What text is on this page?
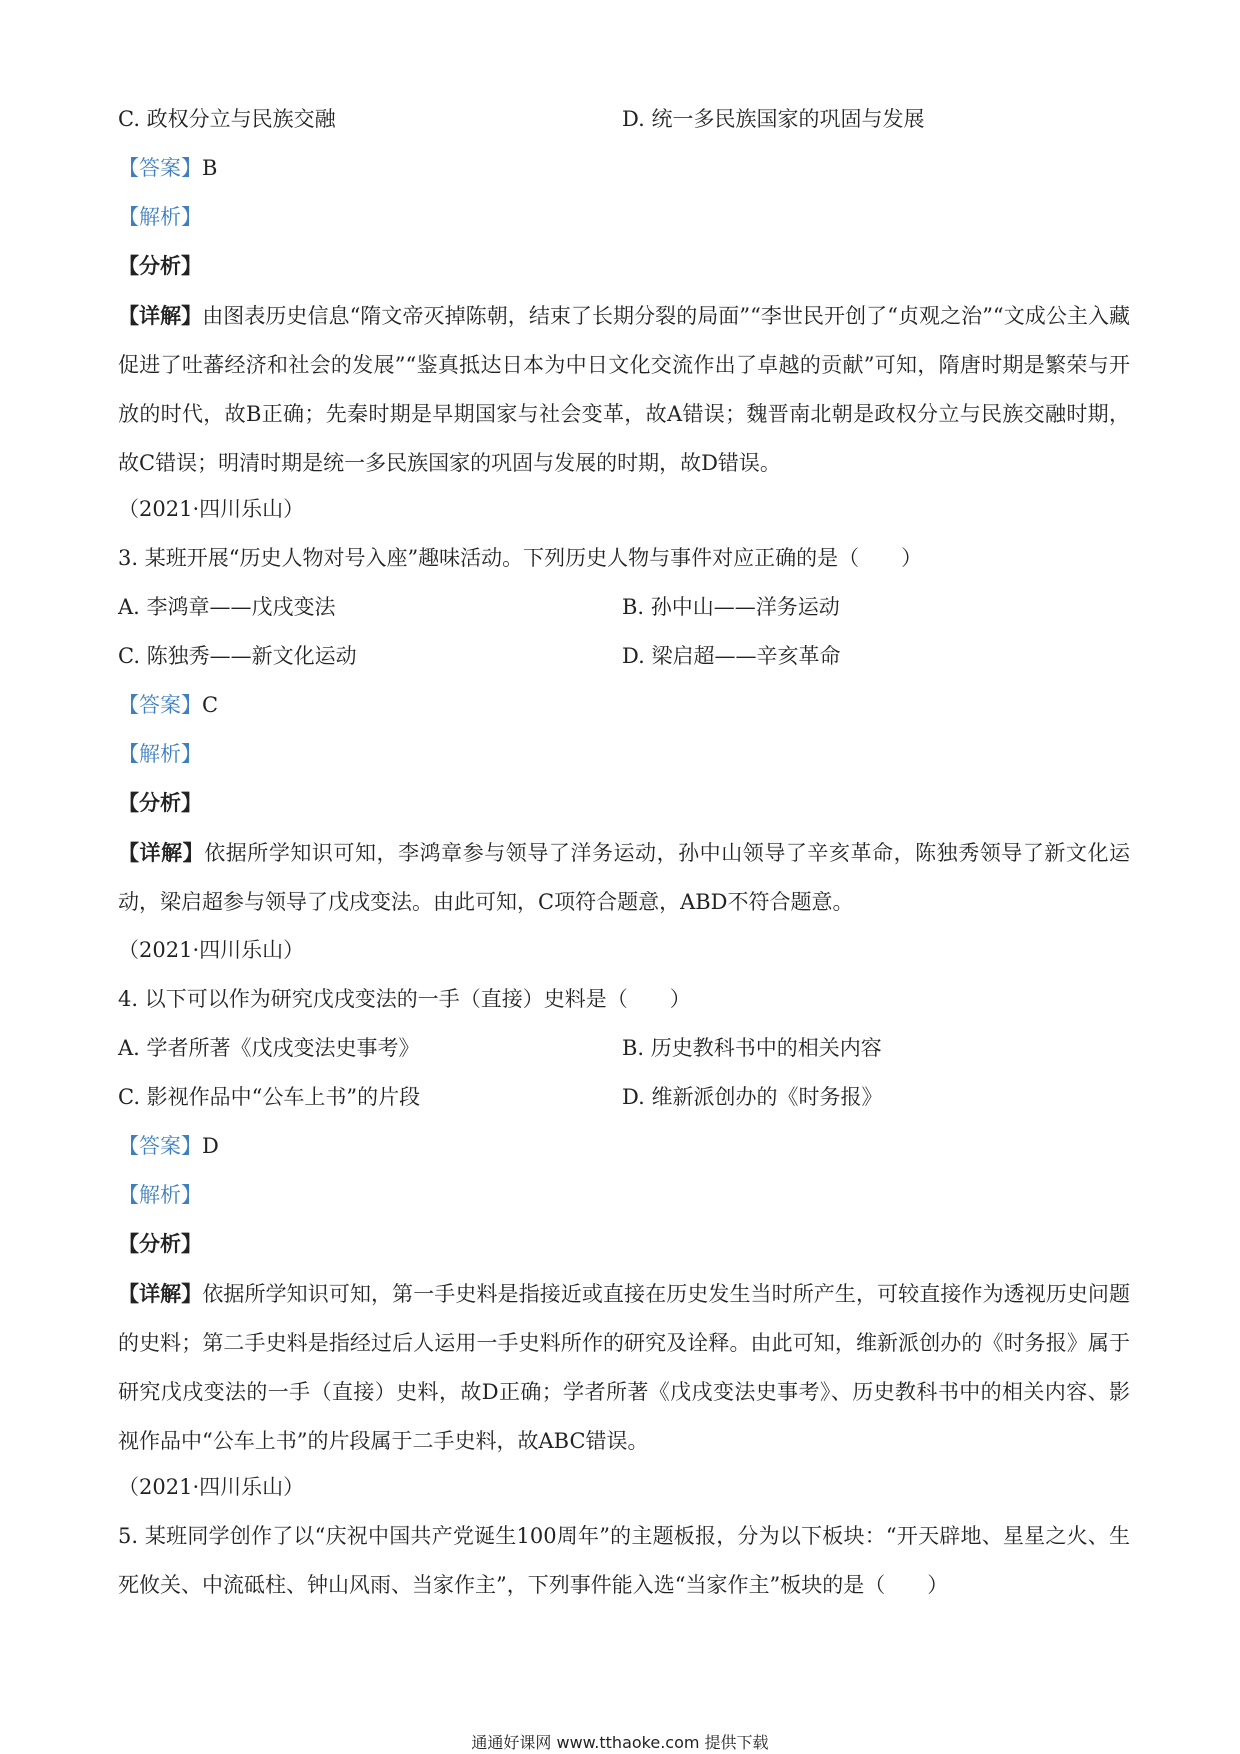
C. 政权分立与民族交融	D. 统一多民族国家的巩固与发展
【答案】B
【解析】
【分析】
【详解】由图表历史信息“隋文帝灭掉陈朝，结束了长期分裂的局面”“李世民开创了“贞观之治”“文成公主入藏促进了吐蕃经济和社会的发展”“鉴真抵达日本为中日文化交流作出了卓越的贡献”可知，隋唐时期是繁荣与开放的时代，故B正确；先秦时期是早期国家与社会变革，故A错误；魏晋南北朝是政权分立与民族交融时期，故C错误；明清时期是统一多民族国家的巩固与发展的时期，故D错误。
（2021·四川乐山）
3. 某班开展“历史人物对号入座”趣味活动。下列历史人物与事件对应正确的是（　　）
A. 李鸿章——戊戌变法	B. 孙中山——洋务运动
C. 陈独秀——新文化运动	D. 梁启超——辛亥革命
【答案】C
【解析】
【分析】
【详解】依据所学知识可知，李鸿章参与领导了洋务运动，孙中山领导了辛亥革命，陈独秀领导了新文化运动，梁启超参与领导了戊戌变法。由此可知，C项符合题意，ABD不符合题意。
（2021·四川乐山）
4. 以下可以作为研究戊戌变法的一手（直接）史料是（　　）
A. 学者所著《戊戌变法史事考》	B. 历史教科书中的相关内容
C. 影视作品中“公车上书”的片段	D. 维新派创办的《时务报》
【答案】D
【解析】
【分析】
【详解】依据所学知识可知，第一手史料是指接近或直接在历史发生当时所产生，可较直接作为透视历史问题的史料；第二手史料是指经过后人运用一手史料所作的研究及诠释。由此可知，维新派创办的《时务报》属于研究戊戌变法的一手（直接）史料，故D正确；学者所著《戊戌变法史事考》、历史教科书中的相关内容、影视作品中“公车上书”的片段属于二手史料，故ABC错误。
（2021·四川乐山）
5. 某班同学创作了以“庆祝中国共产党诞生100周年”的主题板报，分为以下板块：“开天辟地、星星之火、生死攸关、中流砥柱、钟山风雨、当家作主”，下列事件能入选“当家作主”板块的是（　　）
通通好课网 www.tthaoke.com 提供下载
